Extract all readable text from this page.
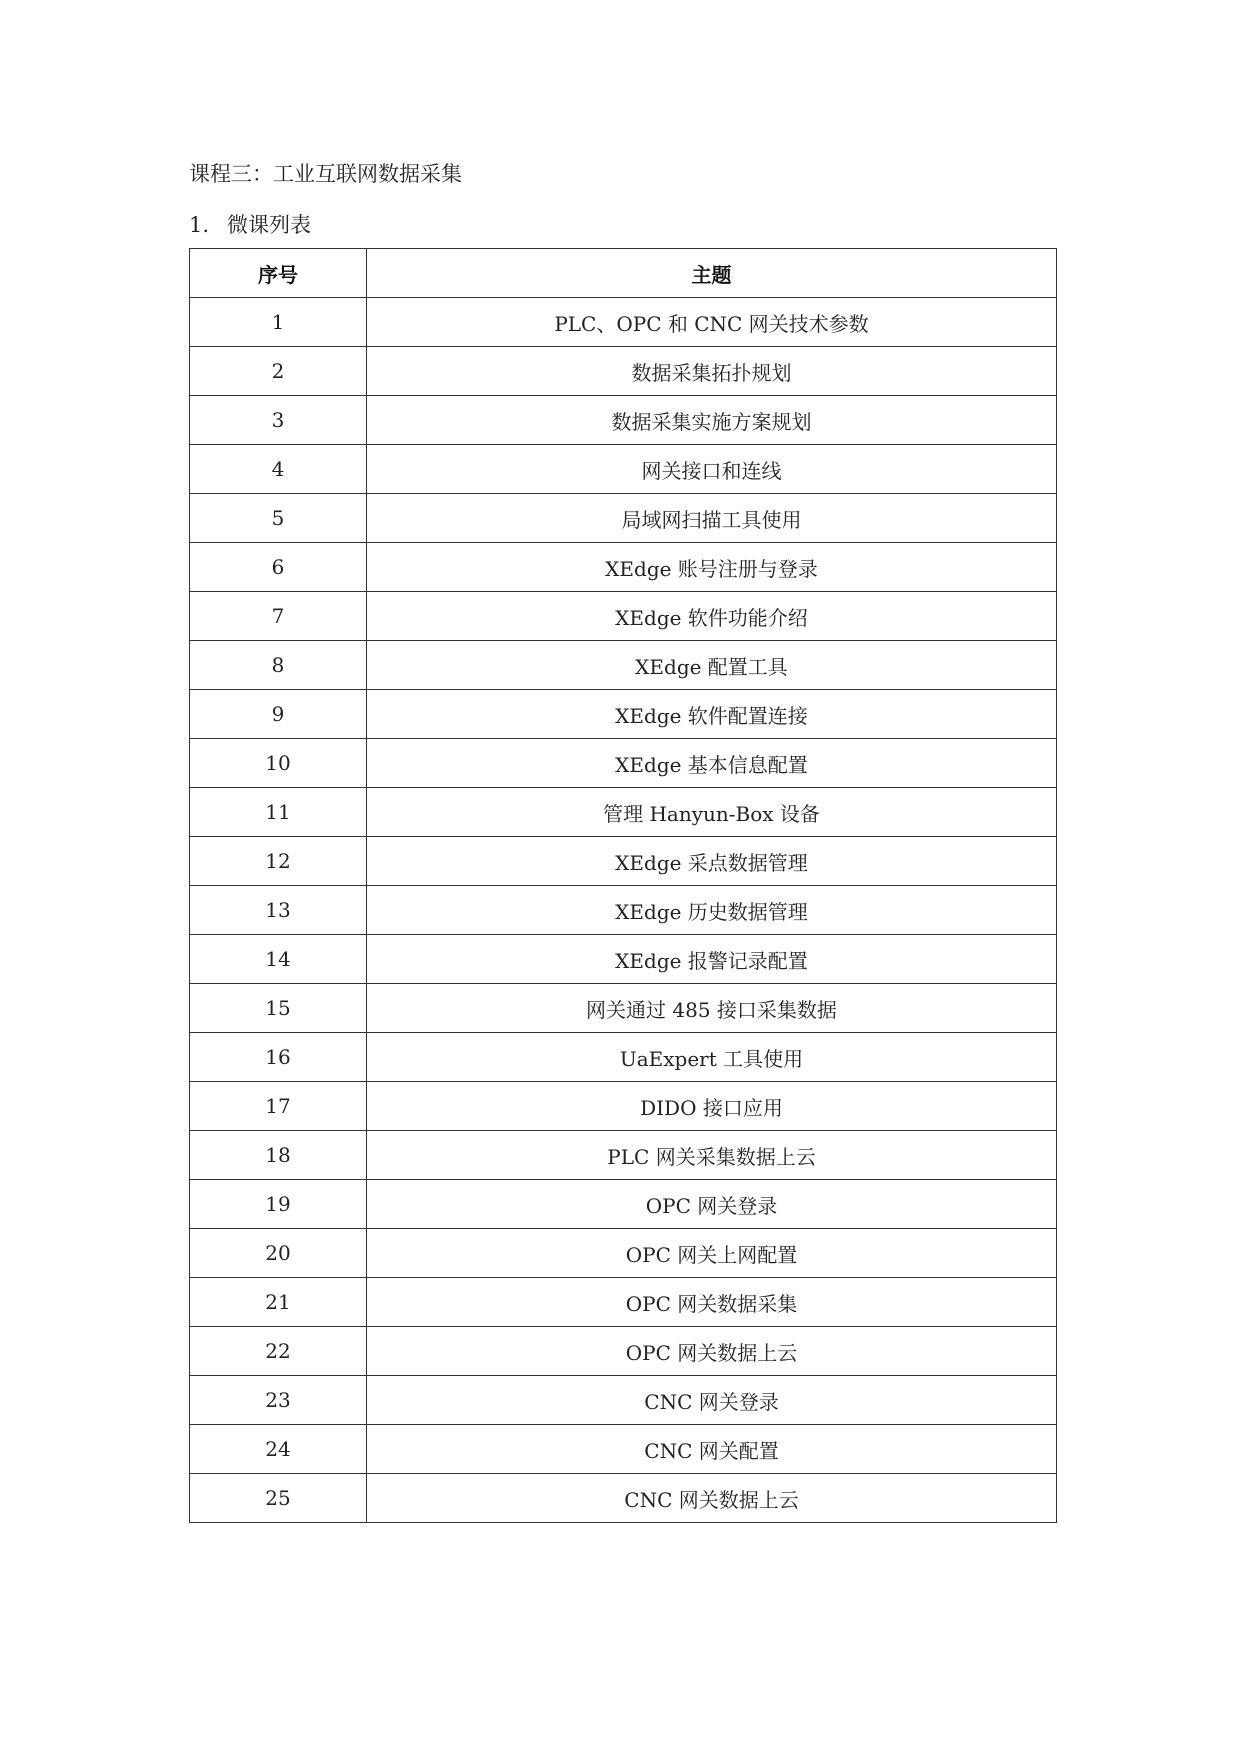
课程三：工业互联网数据采集
1. 微课列表
序号	主题
1	PLC、OPC 和 CNC 网关技术参数
2	数据采集拓扑规划
3	数据采集实施方案规划
4	网关接口和连线
5	局域网扫描工具使用
6	XEdge 账号注册与登录
7	XEdge 软件功能介绍
8	XEdge 配置工具
9	XEdge 软件配置连接
10	XEdge 基本信息配置
11	管理 Hanyun-Box 设备
12	XEdge 采点数据管理
13	XEdge 历史数据管理
14	XEdge 报警记录配置
15	网关通过 485 接口采集数据
16	UaExpert 工具使用
17	DIDO 接口应用
18	PLC 网关采集数据上云
19	OPC 网关登录
20	OPC 网关上网配置
21	OPC 网关数据采集
22	OPC 网关数据上云
23	CNC 网关登录
24	CNC 网关配置
25	CNC 网关数据上云
